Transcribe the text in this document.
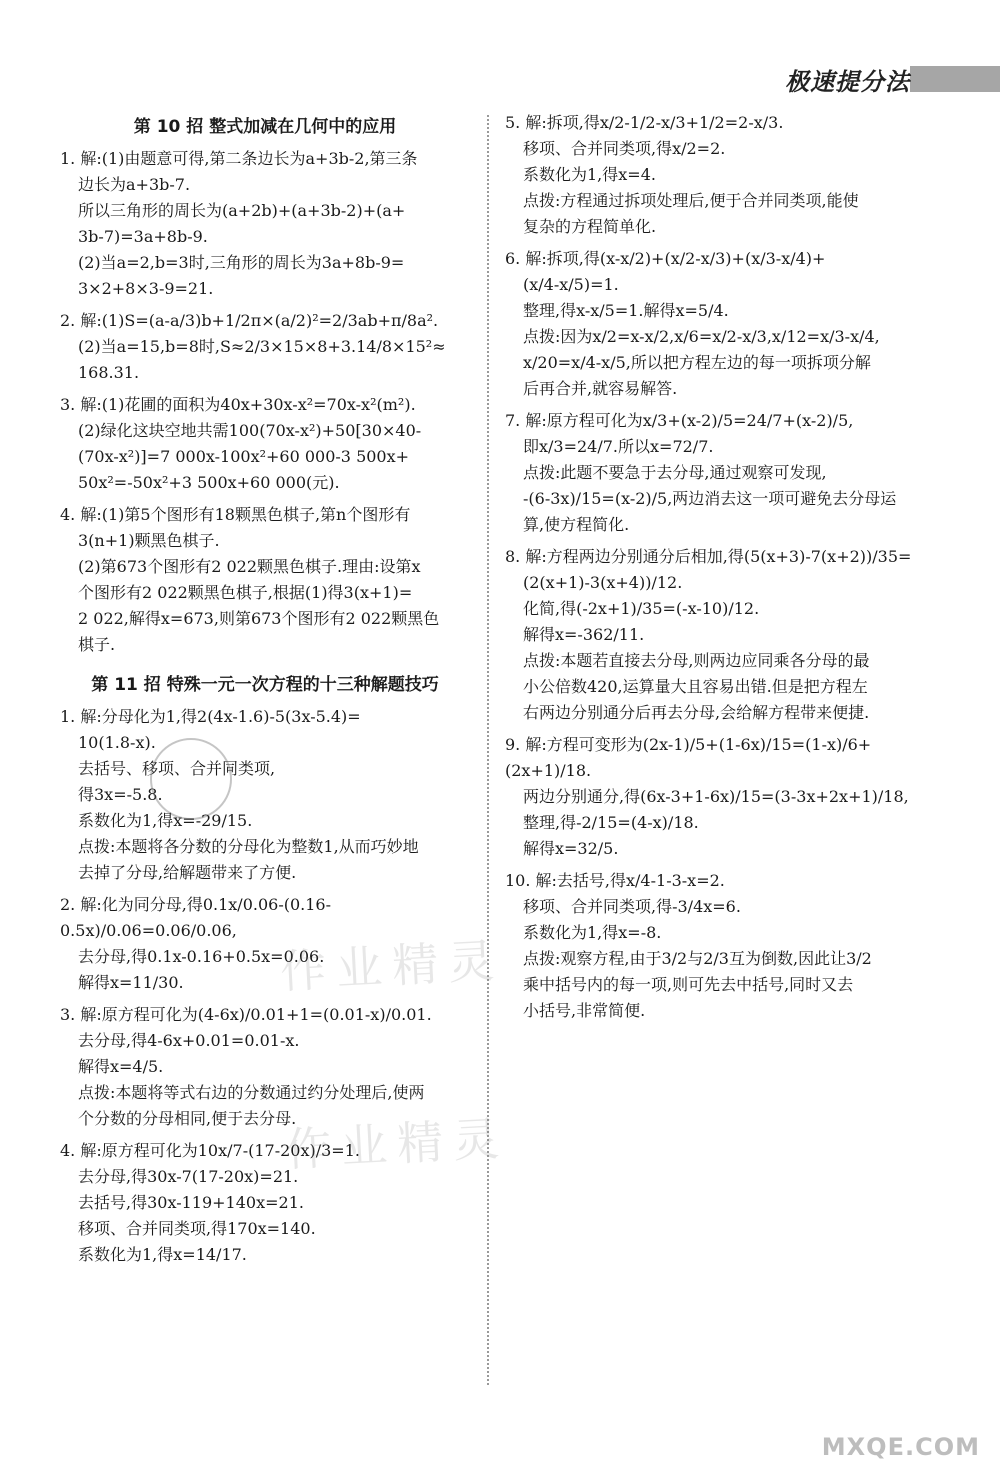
极速提分法
第 10 招 整式加减在几何中的应用
1. 解:(1)由题意可得,第二条边长为a+3b-2,第三条
边长为a+3b-7.
所以三角形的周长为(a+2b)+(a+3b-2)+(a+
3b-7)=3a+8b-9.
(2)当a=2,b=3时,三角形的周长为3a+8b-9=
3×2+8×3-9=21.
2. 解:(1)S=(a-a/3)b+1/2π×(a/2)²=2/3ab+π/8a².
(2)当a=15,b=8时,S≈2/3×15×8+3.14/8×15²≈
168.31.
3. 解:(1)花圃的面积为40x+30x-x²=70x-x²(m²).
(2)绿化这块空地共需100(70x-x²)+50[30×40-
(70x-x²)]=7 000x-100x²+60 000-3 500x+
50x²=-50x²+3 500x+60 000(元).
4. 解:(1)第5个图形有18颗黑色棋子,第n个图形有
3(n+1)颗黑色棋子.
(2)第673个图形有2 022颗黑色棋子.理由:设第x
个图形有2 022颗黑色棋子,根据(1)得3(x+1)=
2 022,解得x=673,则第673个图形有2 022颗黑色
棋子.
第 11 招 特殊一元一次方程的十三种解题技巧
1. 解:分母化为1,得2(4x-1.6)-5(3x-5.4)=
10(1.8-x).
去括号、移项、合并同类项,
得3x=-5.8.
系数化为1,得x=-29/15.
点拨:本题将各分数的分母化为整数1,从而巧妙地
去掉了分母,给解题带来了方便.
2. 解:化为同分母,得0.1x/0.06-(0.16-0.5x)/0.06=0.06/0.06,
去分母,得0.1x-0.16+0.5x=0.06.
解得x=11/30.
3. 解:原方程可化为(4-6x)/0.01+1=(0.01-x)/0.01.
去分母,得4-6x+0.01=0.01-x.
解得x=4/5.
点拨:本题将等式右边的分数通过约分处理后,使两
个分数的分母相同,便于去分母.
4. 解:原方程可化为10x/7-(17-20x)/3=1.
去分母,得30x-7(17-20x)=21.
去括号,得30x-119+140x=21.
移项、合并同类项,得170x=140.
系数化为1,得x=14/17.
5. 解:拆项,得x/2-1/2-x/3+1/2=2-x/3.
移项、合并同类项,得x/2=2.
系数化为1,得x=4.
点拨:方程通过拆项处理后,便于合并同类项,能使
复杂的方程简单化.
6. 解:拆项,得(x-x/2)+(x/2-x/3)+(x/3-x/4)+
(x/4-x/5)=1.
整理,得x-x/5=1.解得x=5/4.
点拨:因为x/2=x-x/2,x/6=x/2-x/3,x/12=x/3-x/4,
x/20=x/4-x/5,所以把方程左边的每一项拆项分解
后再合并,就容易解答.
7. 解:原方程可化为x/3+(x-2)/5=24/7+(x-2)/5,
即x/3=24/7.所以x=72/7.
点拨:此题不要急于去分母,通过观察可发现,
-(6-3x)/15=(x-2)/5,两边消去这一项可避免去分母运
算,使方程简化.
8. 解:方程两边分别通分后相加,得(5(x+3)-7(x+2))/35=
(2(x+1)-3(x+4))/12.
化简,得(-2x+1)/35=(-x-10)/12.
解得x=-362/11.
点拨:本题若直接去分母,则两边应同乘各分母的最
小公倍数420,运算量大且容易出错.但是把方程左
右两边分别通分后再去分母,会给解方程带来便捷.
9. 解:方程可变形为(2x-1)/5+(1-6x)/15=(1-x)/6+(2x+1)/18.
两边分别通分,得(6x-3+1-6x)/15=(3-3x+2x+1)/18,
整理,得-2/15=(4-x)/18.
解得x=32/5.
10. 解:去括号,得x/4-1-3-x=2.
移项、合并同类项,得-3/4x=6.
系数化为1,得x=-8.
点拨:观察方程,由于3/2与2/3互为倒数,因此让3/2
乘中括号内的每一项,则可先去中括号,同时又去
小括号,非常简便.
作业精灵
作业精灵
MXQE.COM
